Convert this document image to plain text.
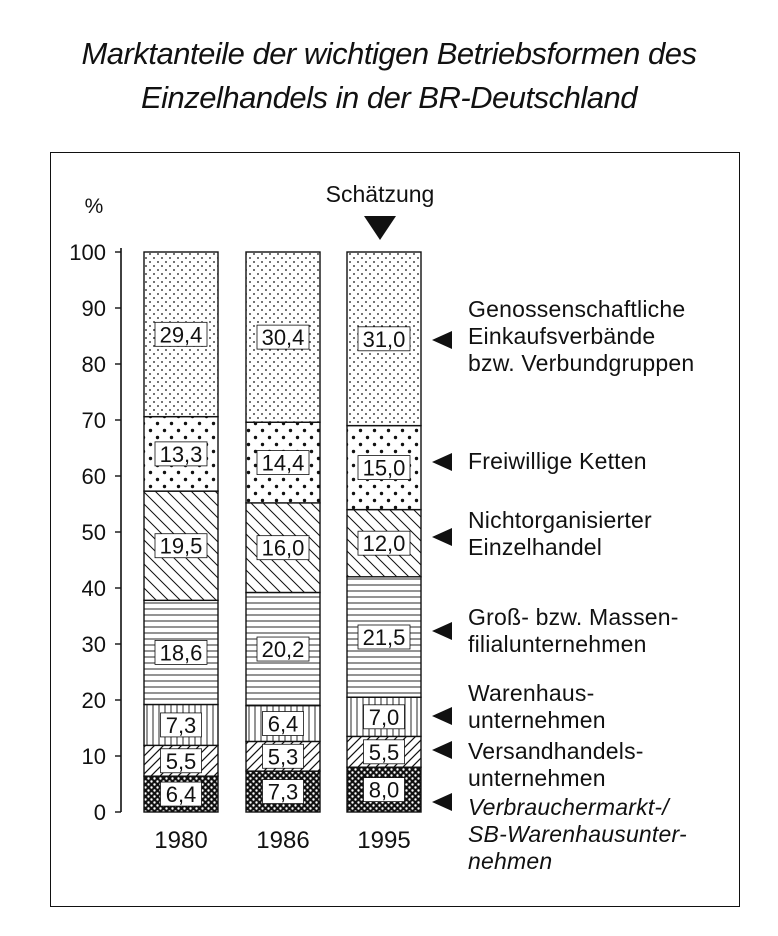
Marktanteile der wichtigen Betriebsformen des
Einzelhandels in der BR-Deutschland
0
10
20
30
40
50
60
70
80
90
100
6,4
5,5
7,3
18,6
19,5
13,3
29,4
1980
7,3
5,3
6,4
20,2
16,0
14,4
30,4
1986
8,0
5,5
7,0
21,5
12,0
15,0
31,0
1995
%	Schätzung
Genossenschaftliche
Einkaufsverbände
bzw. Verbundgruppen
Freiwillige Ketten
Nichtorganisierter
Einzelhandel
Groß- bzw. Massen-
filialunternehmen
Warenhaus-
unternehmen
Versandhandels-
unternehmen
Verbrauchermarkt-/
SB-Warenhausunter-
nehmen
